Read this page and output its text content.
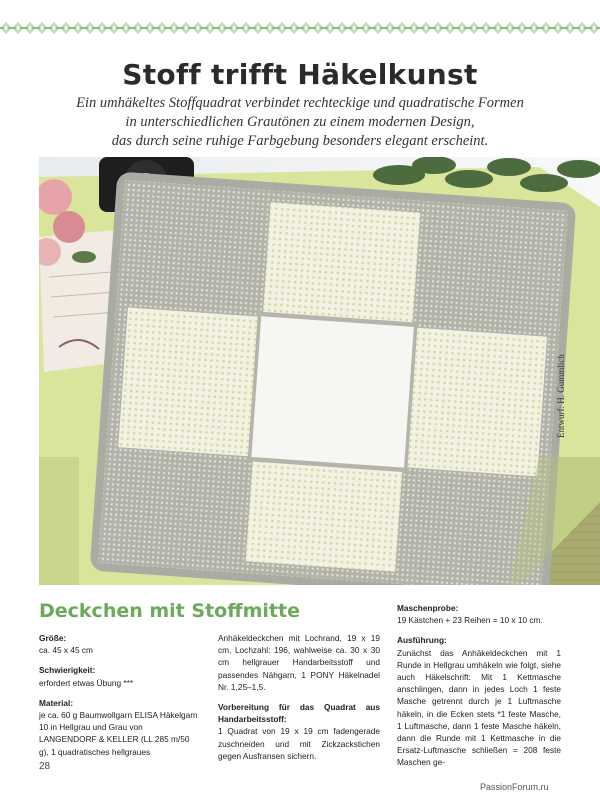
Stoff trifft Häkelkunst
Ein umhäkeltes Stoffquadrat verbindet rechteckige und quadratische Formen
in unterschiedlichen Grautönen zu einem modernen Design,
das durch seine ruhige Farbgebung besonders elegant erscheint.
Entwurf: H. Gummlich
Deckchen mit Stoffmitte

Größe:
ca. 45 x 45 cm

Schwierigkeit:
erfordert etwas Übung ***

Material:
je ca. 60 g Baumwollgarn ELISA Häkelgarn 10 in Hellgrau und Grau von LANGENDORF & KELLER (LL 285 m/50 g), 1 quadratisches hellgraues

Anhäkeldeckchen mit Lochrand, 19 x 19 cm, Lochzahl: 196, wahlweise ca. 30 x 30 cm hellgrauer Handarbeitsstoff und passendes Nähgarn, 1 PONY Häkelnadel Nr. 1,25–1,5.

Vorbereitung für das Quadrat aus Handarbeitsstoff:
1 Quadrat von 19 x 19 cm fadengerade zuschneiden und mit Zickzackstichen gegen Ausfransen sichern.

Maschenprobe:
19 Kästchen + 23 Reihen = 10 x 10 cm.

Ausführung:
Zunächst das Anhäkeldeckchen mit 1 Runde in Hellgrau umhäkeln wie folgt, siehe auch Häkelschrift: Mit 1 Kettmasche anschlingen, dann in jedes Loch 1 feste Masche getrennt durch je 1 Luftmasche häkeln, in die Ecken stets *1 feste Masche, 1 Luftmasche, dann 1 feste Masche häkeln, dann die Runde mit 1 Kettmasche in die Ersatz-Luftmasche schließen = 208 feste Maschen ge-

28
PassionForum.ru
